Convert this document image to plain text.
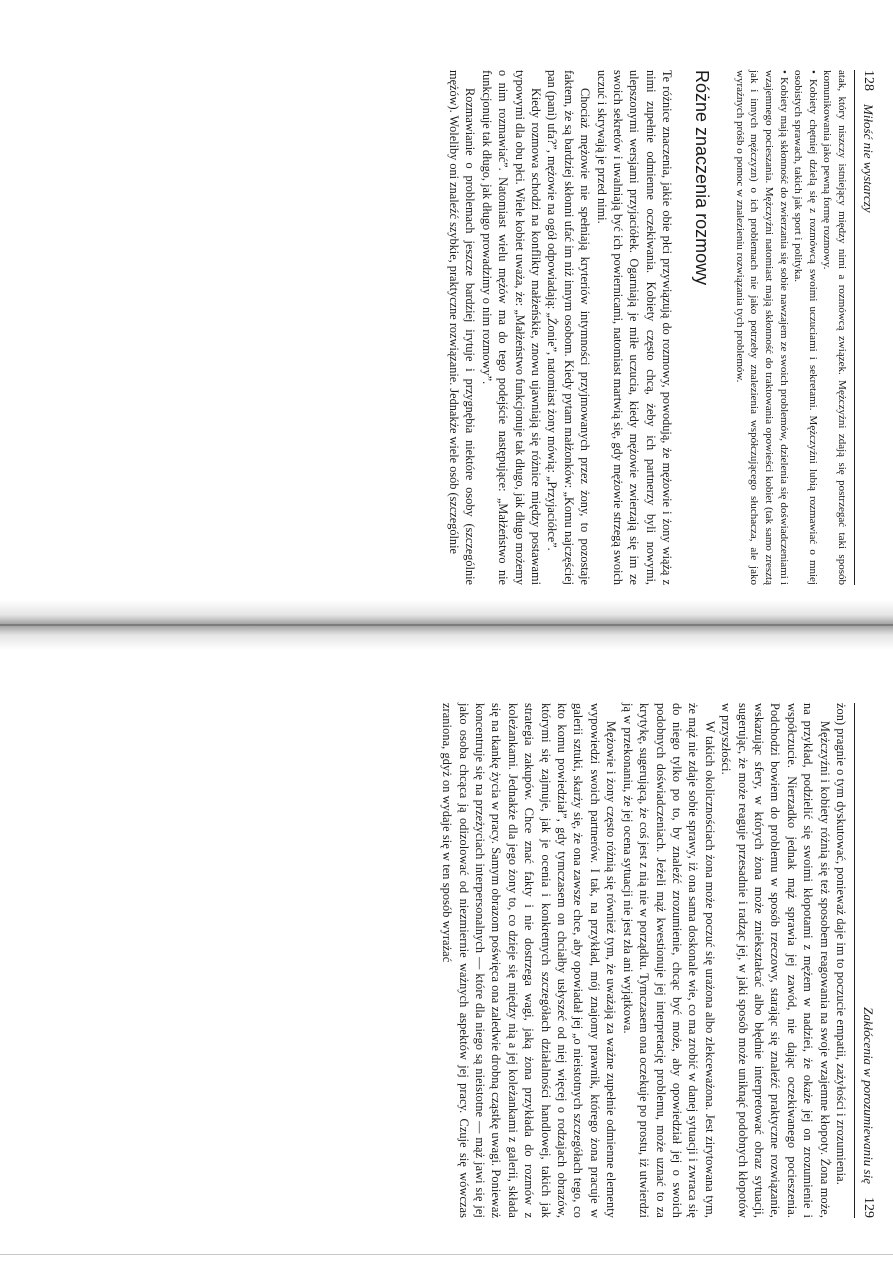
128
Miłość nie wystarczy

atak, który niszczy istniejący między nimi a rozmówcą związek. Mężczyźni zdają się postrzegać taki sposób komunikowania jako pewną formę rozmowy.

• Kobiety chętniej dzielą się z rozmówcą swoimi uczuciami i sekretami. Mężczyźni lubią rozmawiać o mniej osobistych sprawach, takich jak sport i polityka.

• Kobiety mają skłonność do zwierzania się sobie nawzajem ze swoich problemów, dzielenia się doświadczeniami i wzajemnego pocieszania. Mężczyźni natomiast mają skłonność do traktowania opowieści kobiet (tak samo zresztą jak i innych mężczyzn) o ich problemach nie jako potrzeby znalezienia współczującego słuchacza, ale jako wyraźnych próśb o pomoc w znalezieniu rozwiązania tych problemów.

Różne znaczenia rozmowy

Te różnice znaczenia, jakie obie płci przywiązują do rozmowy, powodują, że mężowie i żony wiążą z nimi zupełnie odmienne oczekiwania. Kobiety często chcą, żeby ich partnerzy byli nowymi, ulepszonymi wersjami przyjaciółek. Ogarniają je miłe uczucia, kiedy mężowie zwierzają się im ze swoich sekretów i uwalniają być ich powiernicami, natomiast martwią się, gdy mężowie strzegą swoich uczuć i skrywają je przed nimi.

Chociaż mężowie nie spełniają kryteriów intymności przyjmowanych przez żony, to pozostaje faktem, że są bardziej skłonni ufać im niż innym osobom. Kiedy pytam małżonków: „Komu najczęściej pan (pani) ufa?”, mężowie na ogół odpowiadają: „Żonie”, natomiast żony mówią: „Przyjaciółce”.

Kiedy rozmowa schodzi na konflikty małżeńskie, znowu ujawniają się różnice między postawami typowymi dla obu płci. Wiele kobiet uważa, że: „Małżeństwo funkcjonuje tak długo, jak długo możemy o nim rozmawiać”. Natomiast wielu mężów ma do tego podejście następujące: „Małżeństwo nie funkcjonuje tak długo, jak długo prowadzimy o nim rozmowy”.

Rozmawianie o problemach jeszcze bardziej irytuje i przygnębia niektóre osoby (szczególnie mężów). Woleliby oni znaleźć szybkie, praktyczne rozwiązanie. Jednakże wiele osób (szczególnie

Zakłócenia w porozumiewaniu się
129

żon) pragnie o tym dyskutować, ponieważ daje im to poczucie empatii, zażyłości i zrozumienia.

Mężczyźni i kobiety różnią się też sposobem reagowania na swoje wzajemne kłopoty. Żona może, na przykład, podzielić się swoimi kłopotami z mężem w nadziei, że okaże jej on zrozumienie i współczucie. Nierzadko jednak mąż sprawia jej zawód, nie dając oczekiwanego pocieszenia. Podchodzi bowiem do problemu w sposób rzeczowy, starając się znaleźć praktyczne rozwiązanie, wskazując sfery, w których żona może zniekształcać albo błędnie interpretować obraz sytuacji, sugerując, że może reaguje przesadnie i radząc jej, w jaki sposób może uniknąć podobnych kłopotów w przyszłości.

W takich okolicznościach żona może poczuć się urażona albo zlekceważona. Jest zirytowana tym, że mąż nie zdaje sobie sprawy, iż ona sama doskonale wie, co ma zrobić w danej sytuacji i zwraca się do niego tylko po to, by znaleźć zrozumienie, chcąc być może, aby opowiedział jej o swoich podobnych doświadczeniach. Jeżeli mąż kwestionuje jej interpretację problemu, może uznać to za krytykę, sugerującą, że coś jest z nią nie w porządku. Tymczasem ona oczekuje po prostu, iż utwierdzi ją w przekonaniu, że jej ocena sytuacji nie jest zła ani wyjątkowa.

Mężowie i żony często różnią się również tym, że uważają za ważne zupełnie odmienne elementy wypowiedzi swoich partnerów. I tak, na przykład, mój znajomy prawnik, którego żona pracuje w galerii sztuki, skarży się, że ona zawsze chce, aby opowiadał jej „o nieistotnych szczegółach tego, co kto komu powiedział”, gdy tymczasem on chciałby usłyszeć od niej więcej o rodzajach obrazów, którymi się zajmuje, jak je ocenia i konkretnych szczegółach działalności handlowej, takich jak strategia zakupów. Chce znać fakty i nie dostrzega wagi, jaką żona przykłada do rozmów z koleżankami. Jednakże dla jego żony to, co dzieje się między nią a jej koleżankami z galerii, składa się na tkankę życia w pracy. Samym obrazom poświęca ona zaledwie drobną cząstkę uwagi. Ponieważ koncentruje się na przeżyciach interpersonalnych — które dla niego są nieistotne — mąż jawi się jej jako osoba chcąca ją odizolować od niezmiernie ważnych aspektów jej pracy. Czuje się wówczas zraniona, gdyż on wydaje się w ten sposób wyrażać
